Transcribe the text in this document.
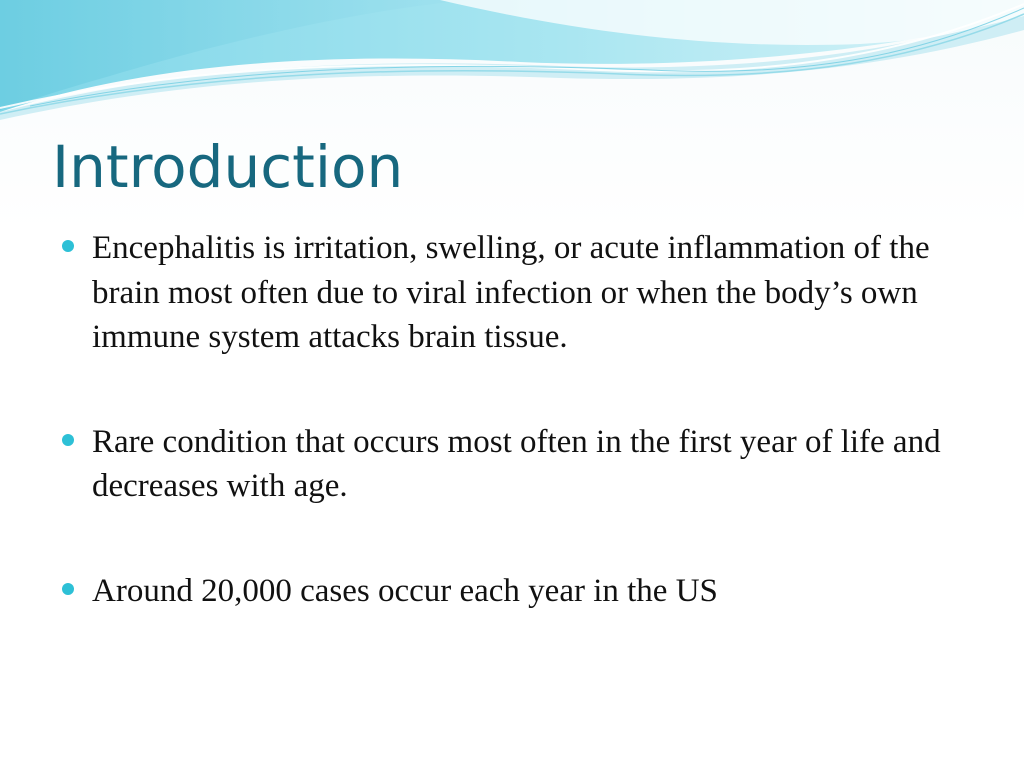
Introduction
Encephalitis is irritation, swelling, or acute inflammation of the brain most often due to viral infection or when the body’s own immune system attacks brain tissue.
Rare condition that occurs most often in the first year of life and decreases with age.
Around 20,000 cases occur each year in the US
